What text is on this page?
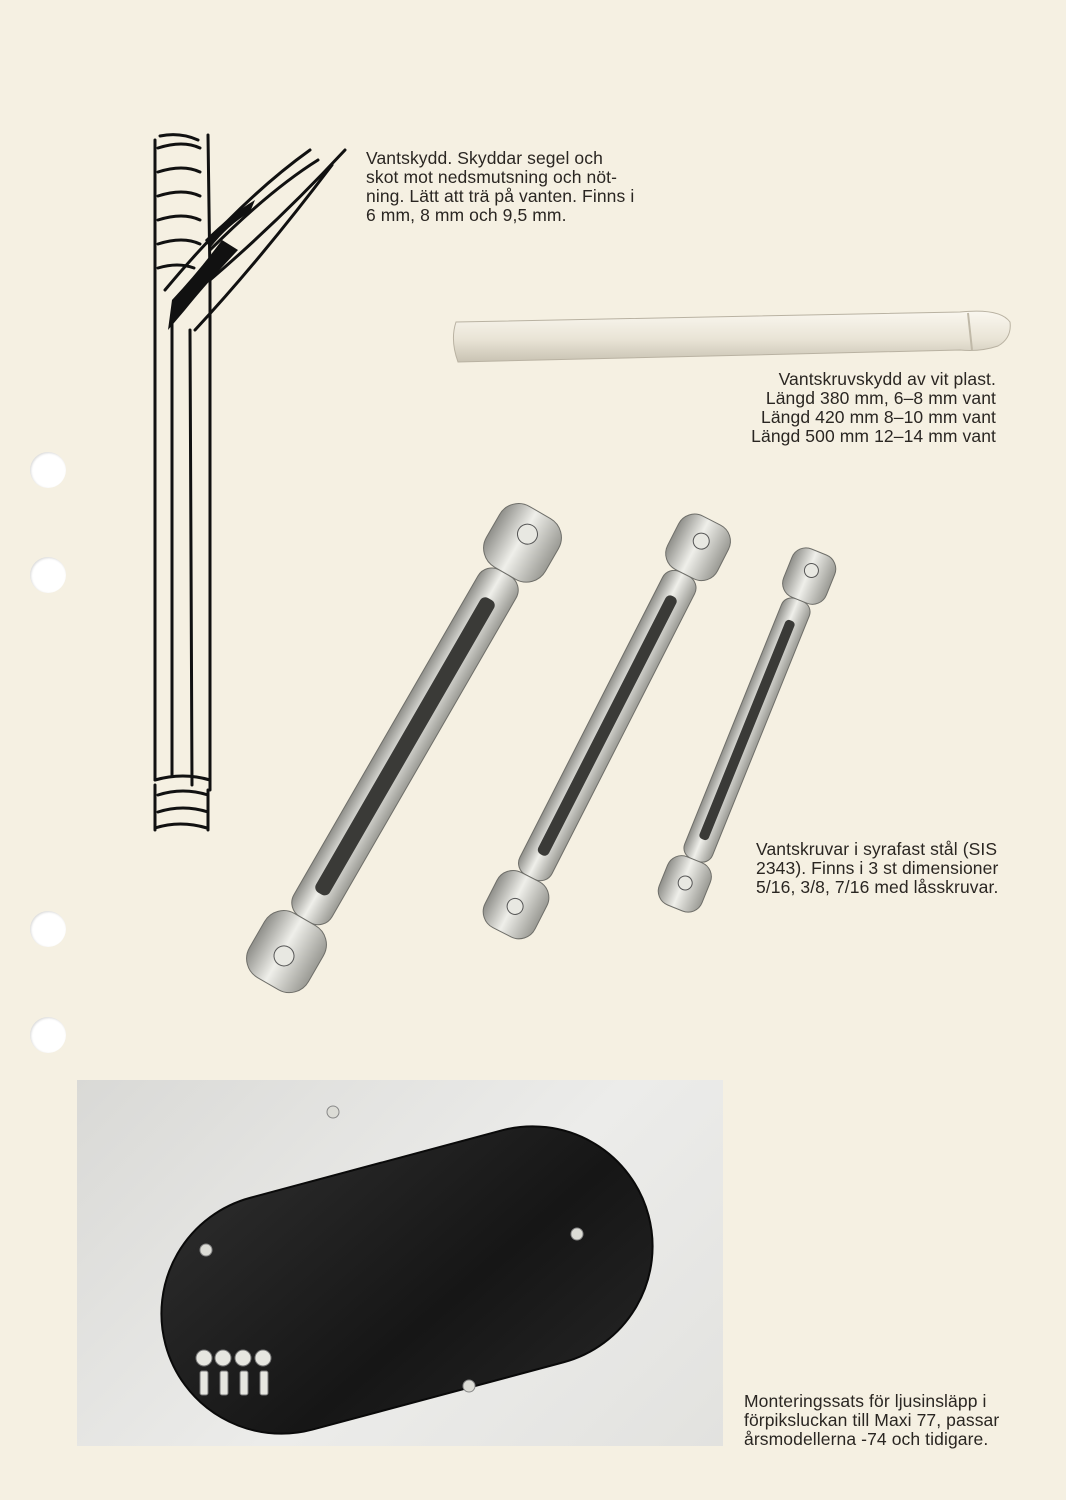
Vantskydd. Skyddar segel och
skot mot nedsmutsning och nöt-
ning. Lätt att trä på vanten. Finns i
6 mm, 8 mm och 9,5 mm.

Vantskruvskydd av vit plast.
Längd 380 mm, 6–8 mm vant
Längd 420 mm 8–10 mm vant
Längd 500 mm 12–14 mm vant

Vantskruvar i syrafast stål (SIS
2343). Finns i 3 st dimensioner
5/16, 3/8, 7/16 med låsskruvar.

Monteringssats för ljusinsläpp i
förpiksluckan till Maxi 77, passar
årsmodellerna -74 och tidigare.
